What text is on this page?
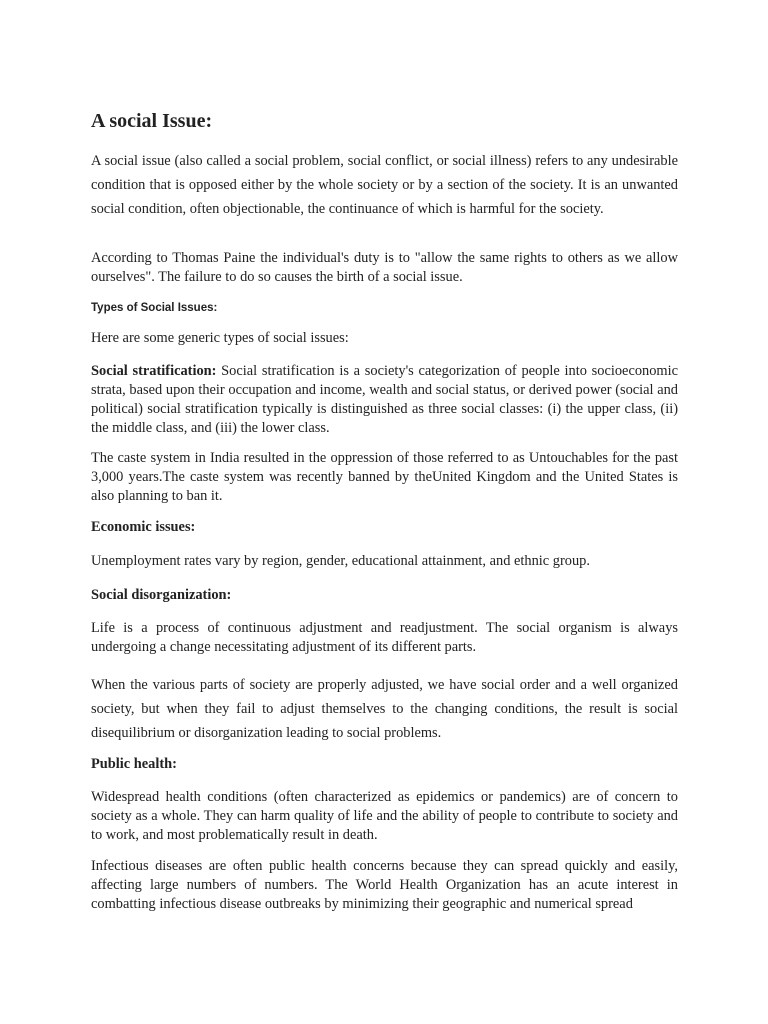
A social Issue:

A social issue (also called a social problem, social conflict, or social illness) refers to any undesirable condition that is opposed either by the whole society or by a section of the society. It is an unwanted social condition, often objectionable, the continuance of which is harmful for the society.

According to Thomas Paine the individual's duty is to "allow the same rights to others as we allow ourselves". The failure to do so causes the birth of a social issue.

Types of Social Issues:

Here are some generic types of social issues:

Social stratification: Social stratification is a society's categorization of people into socioeconomic strata, based upon their occupation and income, wealth and social status, or derived power (social and political) social stratification typically is distinguished as three social classes: (i) the upper class, (ii) the middle class, and (iii) the lower class.

The caste system in India resulted in the oppression of those referred to as Untouchables for the past 3,000 years.The caste system was recently banned by theUnited Kingdom and the United States is also planning to ban it.

Economic issues:

Unemployment rates vary by region, gender, educational attainment, and ethnic group.

Social disorganization:

Life is a process of continuous adjustment and readjustment. The social organism is always undergoing a change necessitating adjustment of its different parts.

When the various parts of society are properly adjusted, we have social order and a well organized society, but when they fail to adjust themselves to the changing conditions, the result is social disequilibrium or disorganization leading to social problems.

Public health:

Widespread health conditions (often characterized as epidemics or pandemics) are of concern to society as a whole. They can harm quality of life and the ability of people to contribute to society and to work, and most problematically result in death.

Infectious diseases are often public health concerns because they can spread quickly and easily, affecting large numbers of numbers. The World Health Organization has an acute interest in combatting infectious disease outbreaks by minimizing their geographic and numerical spread
